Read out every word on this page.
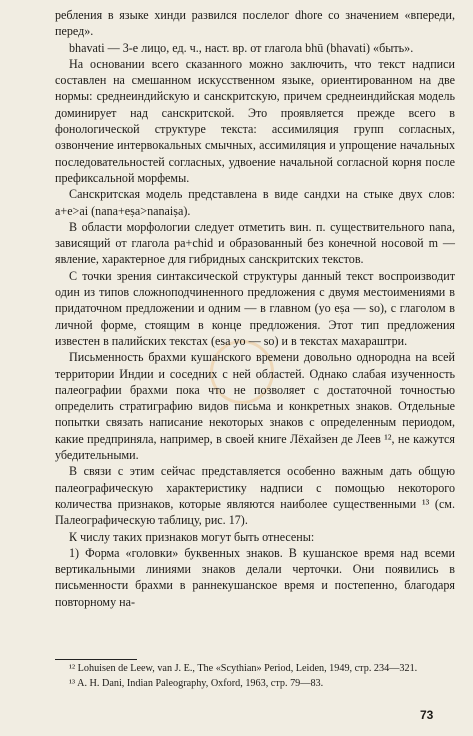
ребления в языке хинди развился послелог dhore со значением «впереди, перед».

bhavati — 3-е лицо, ед. ч., наст. вр. от глагола bhū (bhavati) «быть».

На основании всего сказанного можно заключить, что текст надписи составлен на смешанном искусственном языке, ориентированном на две нормы: среднеиндийскую и санскритскую, причем среднеиндийская модель доминирует над санскритской. Это проявляется прежде всего в фонологической структуре текста: ассимиляция групп согласных, озвончение интервокальных смычных, ассимиляция и упрощение начальных последовательностей согласных, удвоение начальной согласной корня после префиксальной морфемы.

Санскритская модель представлена в виде сандхи на стыке двух слов: a+e>ai (nana+eṣa>nanaiṣa).

В области морфологии следует отметить вин. п. существительного nana, зависящий от глагола pa+chid и образованный без конечной носовой m — явление, характерное для гибридных санскритских текстов.

С точки зрения синтаксической структуры данный текст воспроизводит один из типов сложноподчиненного предложения с двумя местоимениями в придаточном предложении и одним — в главном (yo eṣa — so), с глаголом в личной форме, стоящим в конце предложения. Этот тип предложения известен в палийских текстах (esa yo — so) и в текстах махараштри.

Письменность брахми кушанского времени довольно однородна на всей территории Индии и соседних с ней областей. Однако слабая изученность палеографии брахми пока что не позволяет с достаточной точностью определить стратиграфию видов письма и конкретных знаков. Отдельные попытки связать написание некоторых знаков с определенным периодом, какие предприняла, например, в своей книге Лёхайзен де Леев ¹², не кажутся убедительными.

В связи с этим сейчас представляется особенно важным дать общую палеографическую характеристику надписи с помощью некоторого количества признаков, которые являются наиболее существенными ¹³ (см. Палеографическую таблицу, рис. 17).

К числу таких признаков могут быть отнесены:

1) Форма «головки» буквенных знаков. В кушанское время над всеми вертикальными линиями знаков делали черточки. Они появились в письменности брахми в раннекушанское время и постепенно, благодаря повторному на-

¹² Lohuisen de Leew, van J. E., The «Scythian» Period, Leiden, 1949, стр. 234—321.

¹³ A. H. Dani, Indian Paleography, Oxford, 1963, стр. 79—83.

73
